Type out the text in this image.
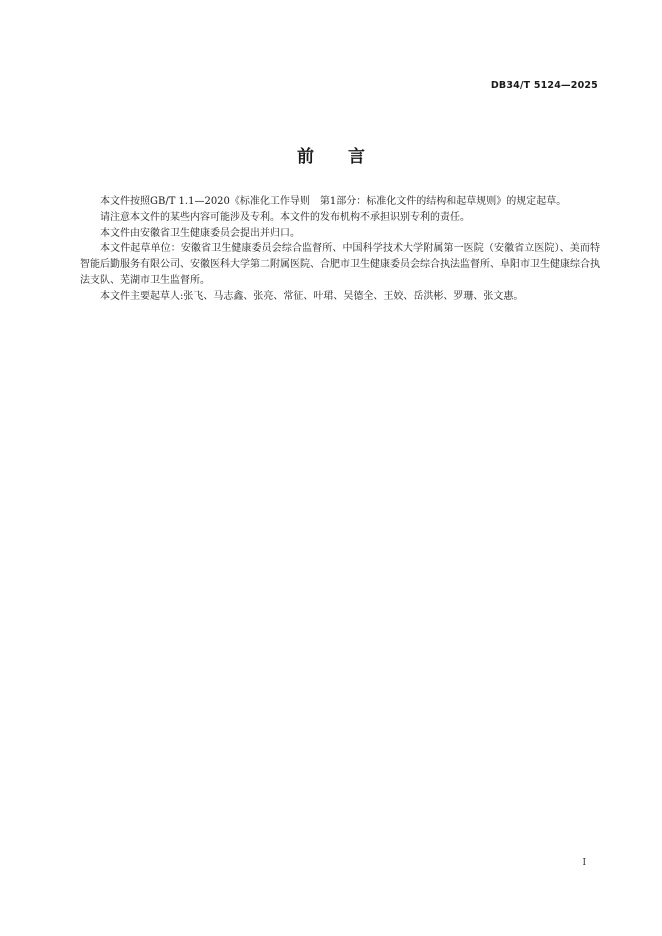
DB34/T 5124—2025
前 言

本文件按照GB/T 1.1—2020《标准化工作导则　第1部分：标准化文件的结构和起草规则》的规定起草。

请注意本文件的某些内容可能涉及专利。本文件的发布机构不承担识别专利的责任。

本文件由安徽省卫生健康委员会提出并归口。

本文件起草单位：安徽省卫生健康委员会综合监督所、中国科学技术大学附属第一医院（安徽省立医院）、美而特智能后勤服务有限公司、安徽医科大学第二附属医院、合肥市卫生健康委员会综合执法监督所、阜阳市卫生健康综合执法支队、芜湖市卫生监督所。

本文件主要起草人:张飞、马志鑫、张亮、常征、叶珺、吴德全、王姣、岳洪彬、罗珊、张文惠。

I
